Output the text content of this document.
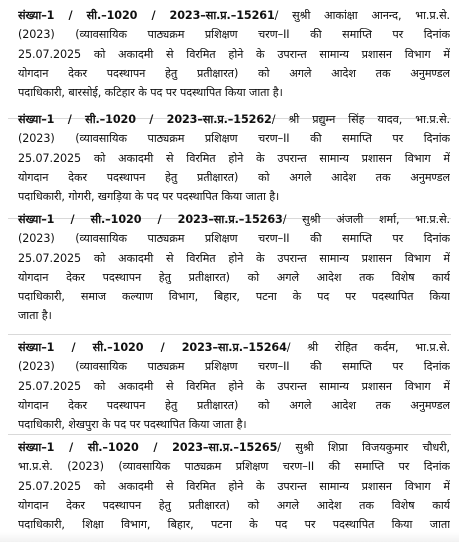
संख्या–1 / सी.–1020 / 2023–सा.प्र.–15261/ सुश्री आकांक्षा आनन्द, भा.प्र.से.
(2023) (व्यावसायिक पाठ्यक्रम प्रशिक्षण चरण–II की समाप्ति पर दिनांक
25.07.2025 को अकादमी से विरमित होने के उपरान्त सामान्य प्रशासन विभाग में
योगदान देकर पदस्थापन हेतु प्रतीक्षारत) को अगले आदेश तक अनुमण्डल
पदाधिकारी, बारसोई, कटिहार के पद पर पदस्थापित किया जाता है।
संख्या–1 / सी.–1020 / 2023–सा.प्र.–15262/ श्री प्रद्युम्न सिंह यादव, भा.प्र.से.
(2023) (व्यावसायिक पाठ्यक्रम प्रशिक्षण चरण–II की समाप्ति पर दिनांक
25.07.2025 को अकादमी से विरमित होने के उपरान्त सामान्य प्रशासन विभाग में
योगदान देकर पदस्थापन हेतु प्रतीक्षारत) को अगले आदेश तक अनुमण्डल
पदाधिकारी, गोगरी, खगड़िया के पद पर पदस्थापित किया जाता है।
संख्या–1 / सी.–1020 / 2023–सा.प्र.–15263/ सुश्री अंजली शर्मा, भा.प्र.से.
(2023) (व्यावसायिक पाठ्यक्रम प्रशिक्षण चरण–II की समाप्ति पर दिनांक
25.07.2025 को अकादमी से विरमित होने के उपरान्त सामान्य प्रशासन विभाग में
योगदान देकर पदस्थापन हेतु प्रतीक्षारत) को अगले आदेश तक विशेष कार्य
पदाधिकारी, समाज कल्याण विभाग, बिहार, पटना के पद पर पदस्थापित किया
जाता है।
संख्या–1 / सी.–1020 / 2023–सा.प्र.–15264/ श्री रोहित कर्दम, भा.प्र.से.
(2023) (व्यावसायिक पाठ्यक्रम प्रशिक्षण चरण–II की समाप्ति पर दिनांक
25.07.2025 को अकादमी से विरमित होने के उपरान्त सामान्य प्रशासन विभाग में
योगदान देकर पदस्थापन हेतु प्रतीक्षारत) को अगले आदेश तक अनुमण्डल
पदाधिकारी, शेखपुरा के पद पर पदस्थापित किया जाता है।
संख्या–1 / सी.–1020 / 2023–सा.प्र.–15265/ सुश्री शिप्रा विजयकुमार चौधरी,
भा.प्र.से. (2023) (व्यावसायिक पाठ्यक्रम प्रशिक्षण चरण–II की समाप्ति पर दिनांक
25.07.2025 को अकादमी से विरमित होने के उपरान्त सामान्य प्रशासन विभाग में
योगदान देकर पदस्थापन हेतु प्रतीक्षारत) को अगले आदेश तक विशेष कार्य
पदाधिकारी, शिक्षा विभाग, बिहार, पटना के पद पर पदस्थापित किया जाता
